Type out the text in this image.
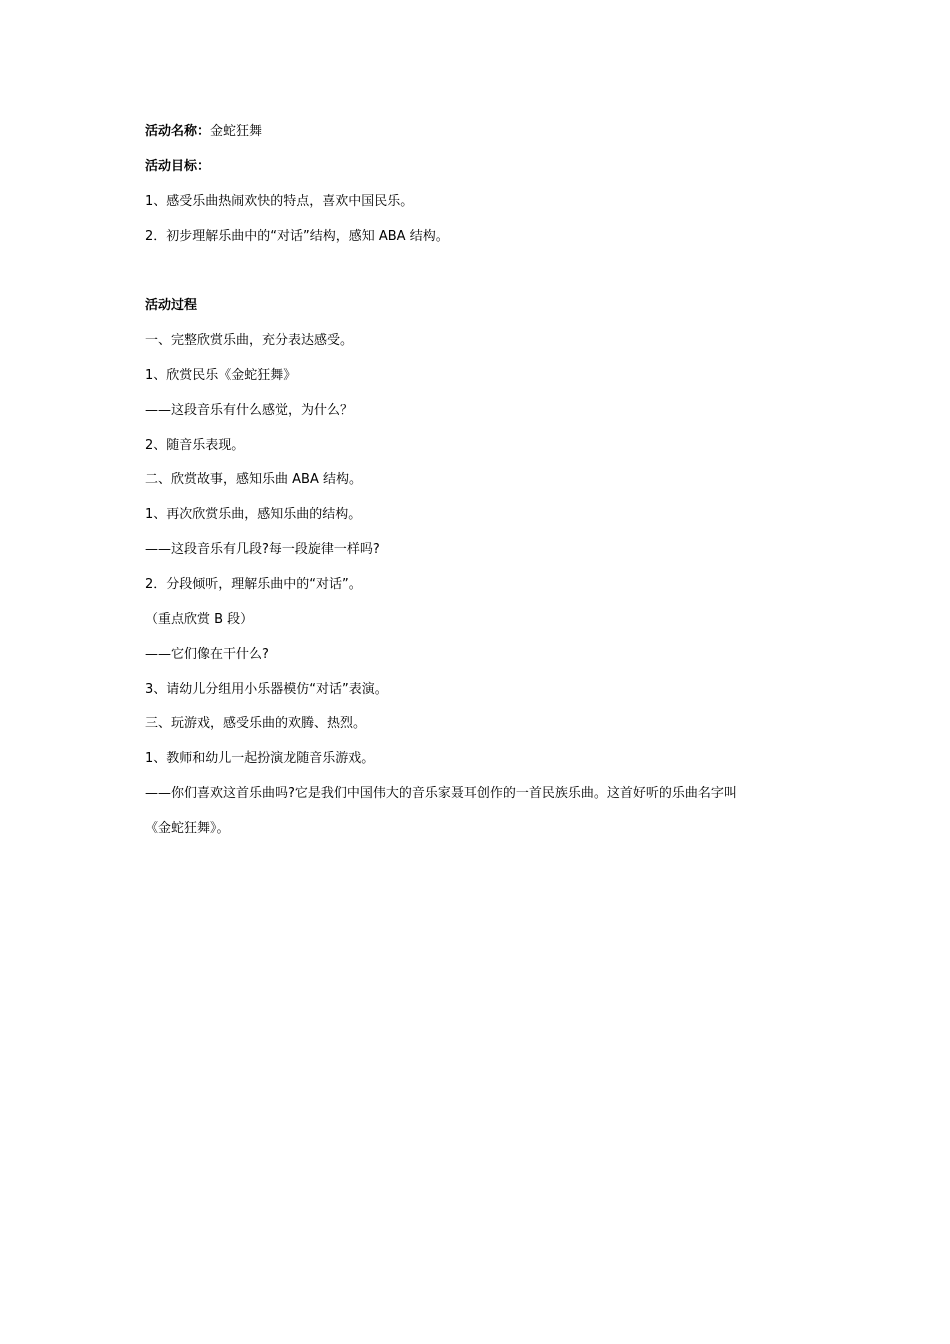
活动名称：金蛇狂舞
活动目标：
1、感受乐曲热闹欢快的特点，喜欢中国民乐。
2．初步理解乐曲中的“对话”结构，感知 ABA 结构。
活动过程
一、完整欣赏乐曲，充分表达感受。
1、欣赏民乐《金蛇狂舞》
——这段音乐有什么感觉，为什么？
2、随音乐表现。
二、欣赏故事，感知乐曲 ABA 结构。
1、再次欣赏乐曲，感知乐曲的结构。
——这段音乐有几段?每一段旋律一样吗?
2．分段倾听，理解乐曲中的“对话”。
（重点欣赏 B 段）
——它们像在干什么?
3、请幼儿分组用小乐器模仿“对话”表演。
三、玩游戏，感受乐曲的欢腾、热烈。
1、教师和幼儿一起扮演龙随音乐游戏。
——你们喜欢这首乐曲吗?它是我们中国伟大的音乐家聂耳创作的一首民族乐曲。这首好听的乐曲名字叫
《金蛇狂舞》。
